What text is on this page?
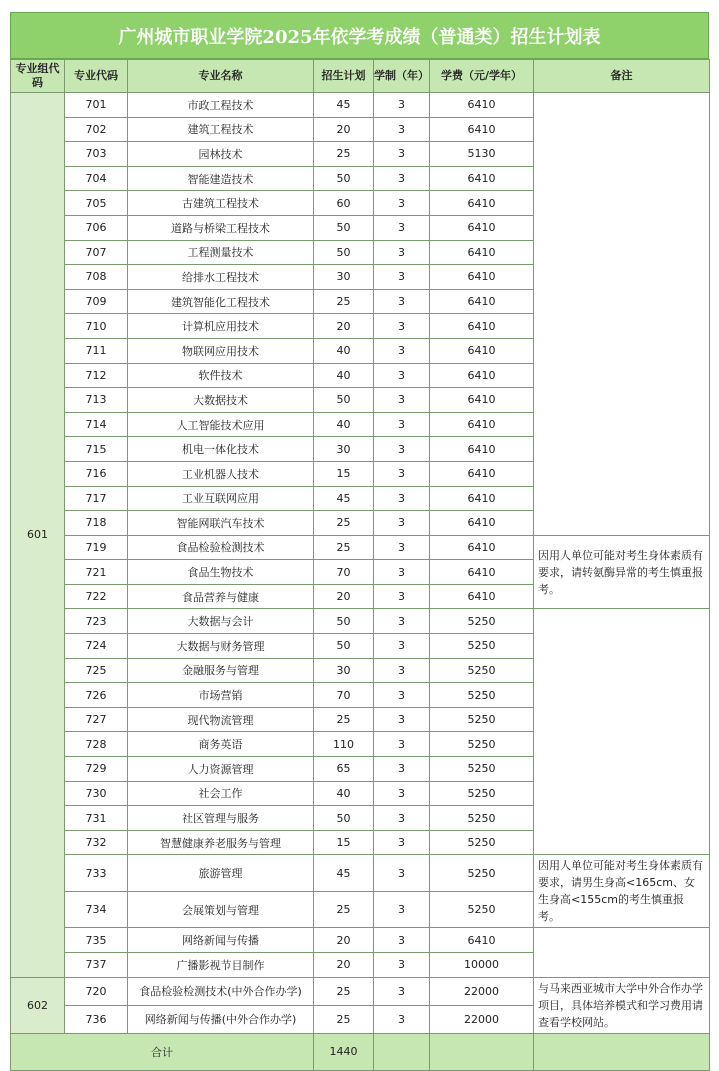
广州城市职业学院2025年依学考成绩（普通类）招生计划表
专业组代码	专业代码	专业名称	招生计划	学制（年）	学费（元/学年）	备注
601	701	市政工程技术	45	3	6410	
	702	建筑工程技术	20	3	6410	
	703	园林技术	25	3	5130	
	704	智能建造技术	50	3	6410	
	705	古建筑工程技术	60	3	6410	
	706	道路与桥梁工程技术	50	3	6410	
	707	工程测量技术	50	3	6410	
	708	给排水工程技术	30	3	6410	
	709	建筑智能化工程技术	25	3	6410	
	710	计算机应用技术	20	3	6410	
	711	物联网应用技术	40	3	6410	
	712	软件技术	40	3	6410	
	713	大数据技术	50	3	6410	
	714	人工智能技术应用	40	3	6410	
	715	机电一体化技术	30	3	6410	
	716	工业机器人技术	15	3	6410	
	717	工业互联网应用	45	3	6410	
	718	智能网联汽车技术	25	3	6410	
	719	食品检验检测技术	25	3	6410	因用人单位可能对考生身体素质有要求，请转氨酶异常的考生慎重报考。
	721	食品生物技术	70	3	6410	
	722	食品营养与健康	20	3	6410	
	723	大数据与会计	50	3	5250	
	724	大数据与财务管理	50	3	5250	
	725	金融服务与管理	30	3	5250	
	726	市场营销	70	3	5250	
	727	现代物流管理	25	3	5250	
	728	商务英语	110	3	5250	
	729	人力资源管理	65	3	5250	
	730	社会工作	40	3	5250	
	731	社区管理与服务	50	3	5250	
	732	智慧健康养老服务与管理	15	3	5250	
	733	旅游管理	45	3	5250	因用人单位可能对考生身体素质有要求，请男生身高<165cm、女生身高<155cm的考生慎重报考。
	734	会展策划与管理	25	3	5250	
	735	网络新闻与传播	20	3	6410	
	737	广播影视节目制作	20	3	10000	
602	720	食品检验检测技术(中外合作办学)	25	3	22000	与马来西亚城市大学中外合作办学项目，具体培养模式和学习费用请查看学校网站。
	736	网络新闻与传播(中外合作办学)	25	3	22000	
合计			1440			
